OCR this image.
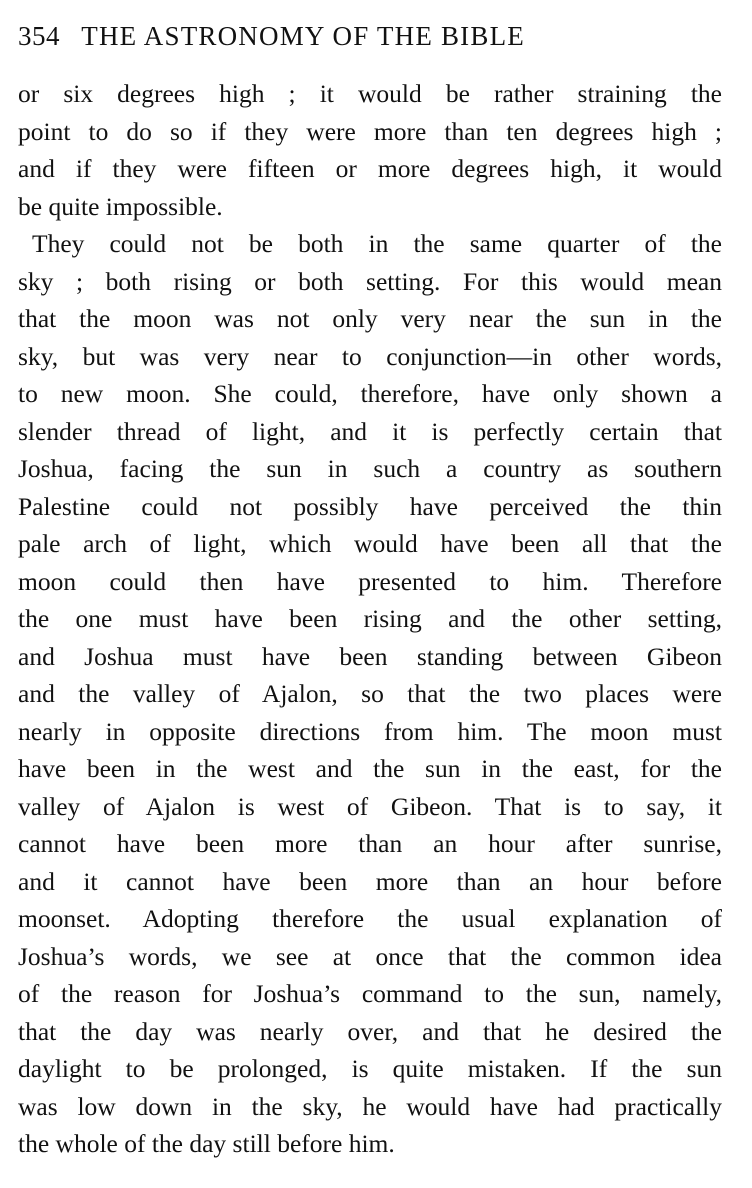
354 THE ASTRONOMY OF THE BIBLE
or six degrees high ; it would be rather straining the
point to do so if they were more than ten degrees high ;
and if they were fifteen or more degrees high, it would
be quite impossible.
They could not be both in the same quarter of the
sky ; both rising or both setting. For this would mean
that the moon was not only very near the sun in the
sky, but was very near to conjunction—in other words,
to new moon. She could, therefore, have only shown a
slender thread of light, and it is perfectly certain that
Joshua, facing the sun in such a country as southern
Palestine could not possibly have perceived the thin
pale arch of light, which would have been all that the
moon could then have presented to him. Therefore
the one must have been rising and the other setting,
and Joshua must have been standing between Gibeon
and the valley of Ajalon, so that the two places were
nearly in opposite directions from him. The moon must
have been in the west and the sun in the east, for the
valley of Ajalon is west of Gibeon. That is to say, it
cannot have been more than an hour after sunrise,
and it cannot have been more than an hour before
moonset. Adopting therefore the usual explanation of
Joshua’s words, we see at once that the common idea
of the reason for Joshua’s command to the sun, namely,
that the day was nearly over, and that he desired the
daylight to be prolonged, is quite mistaken. If the sun
was low down in the sky, he would have had practically
the whole of the day still before him.
